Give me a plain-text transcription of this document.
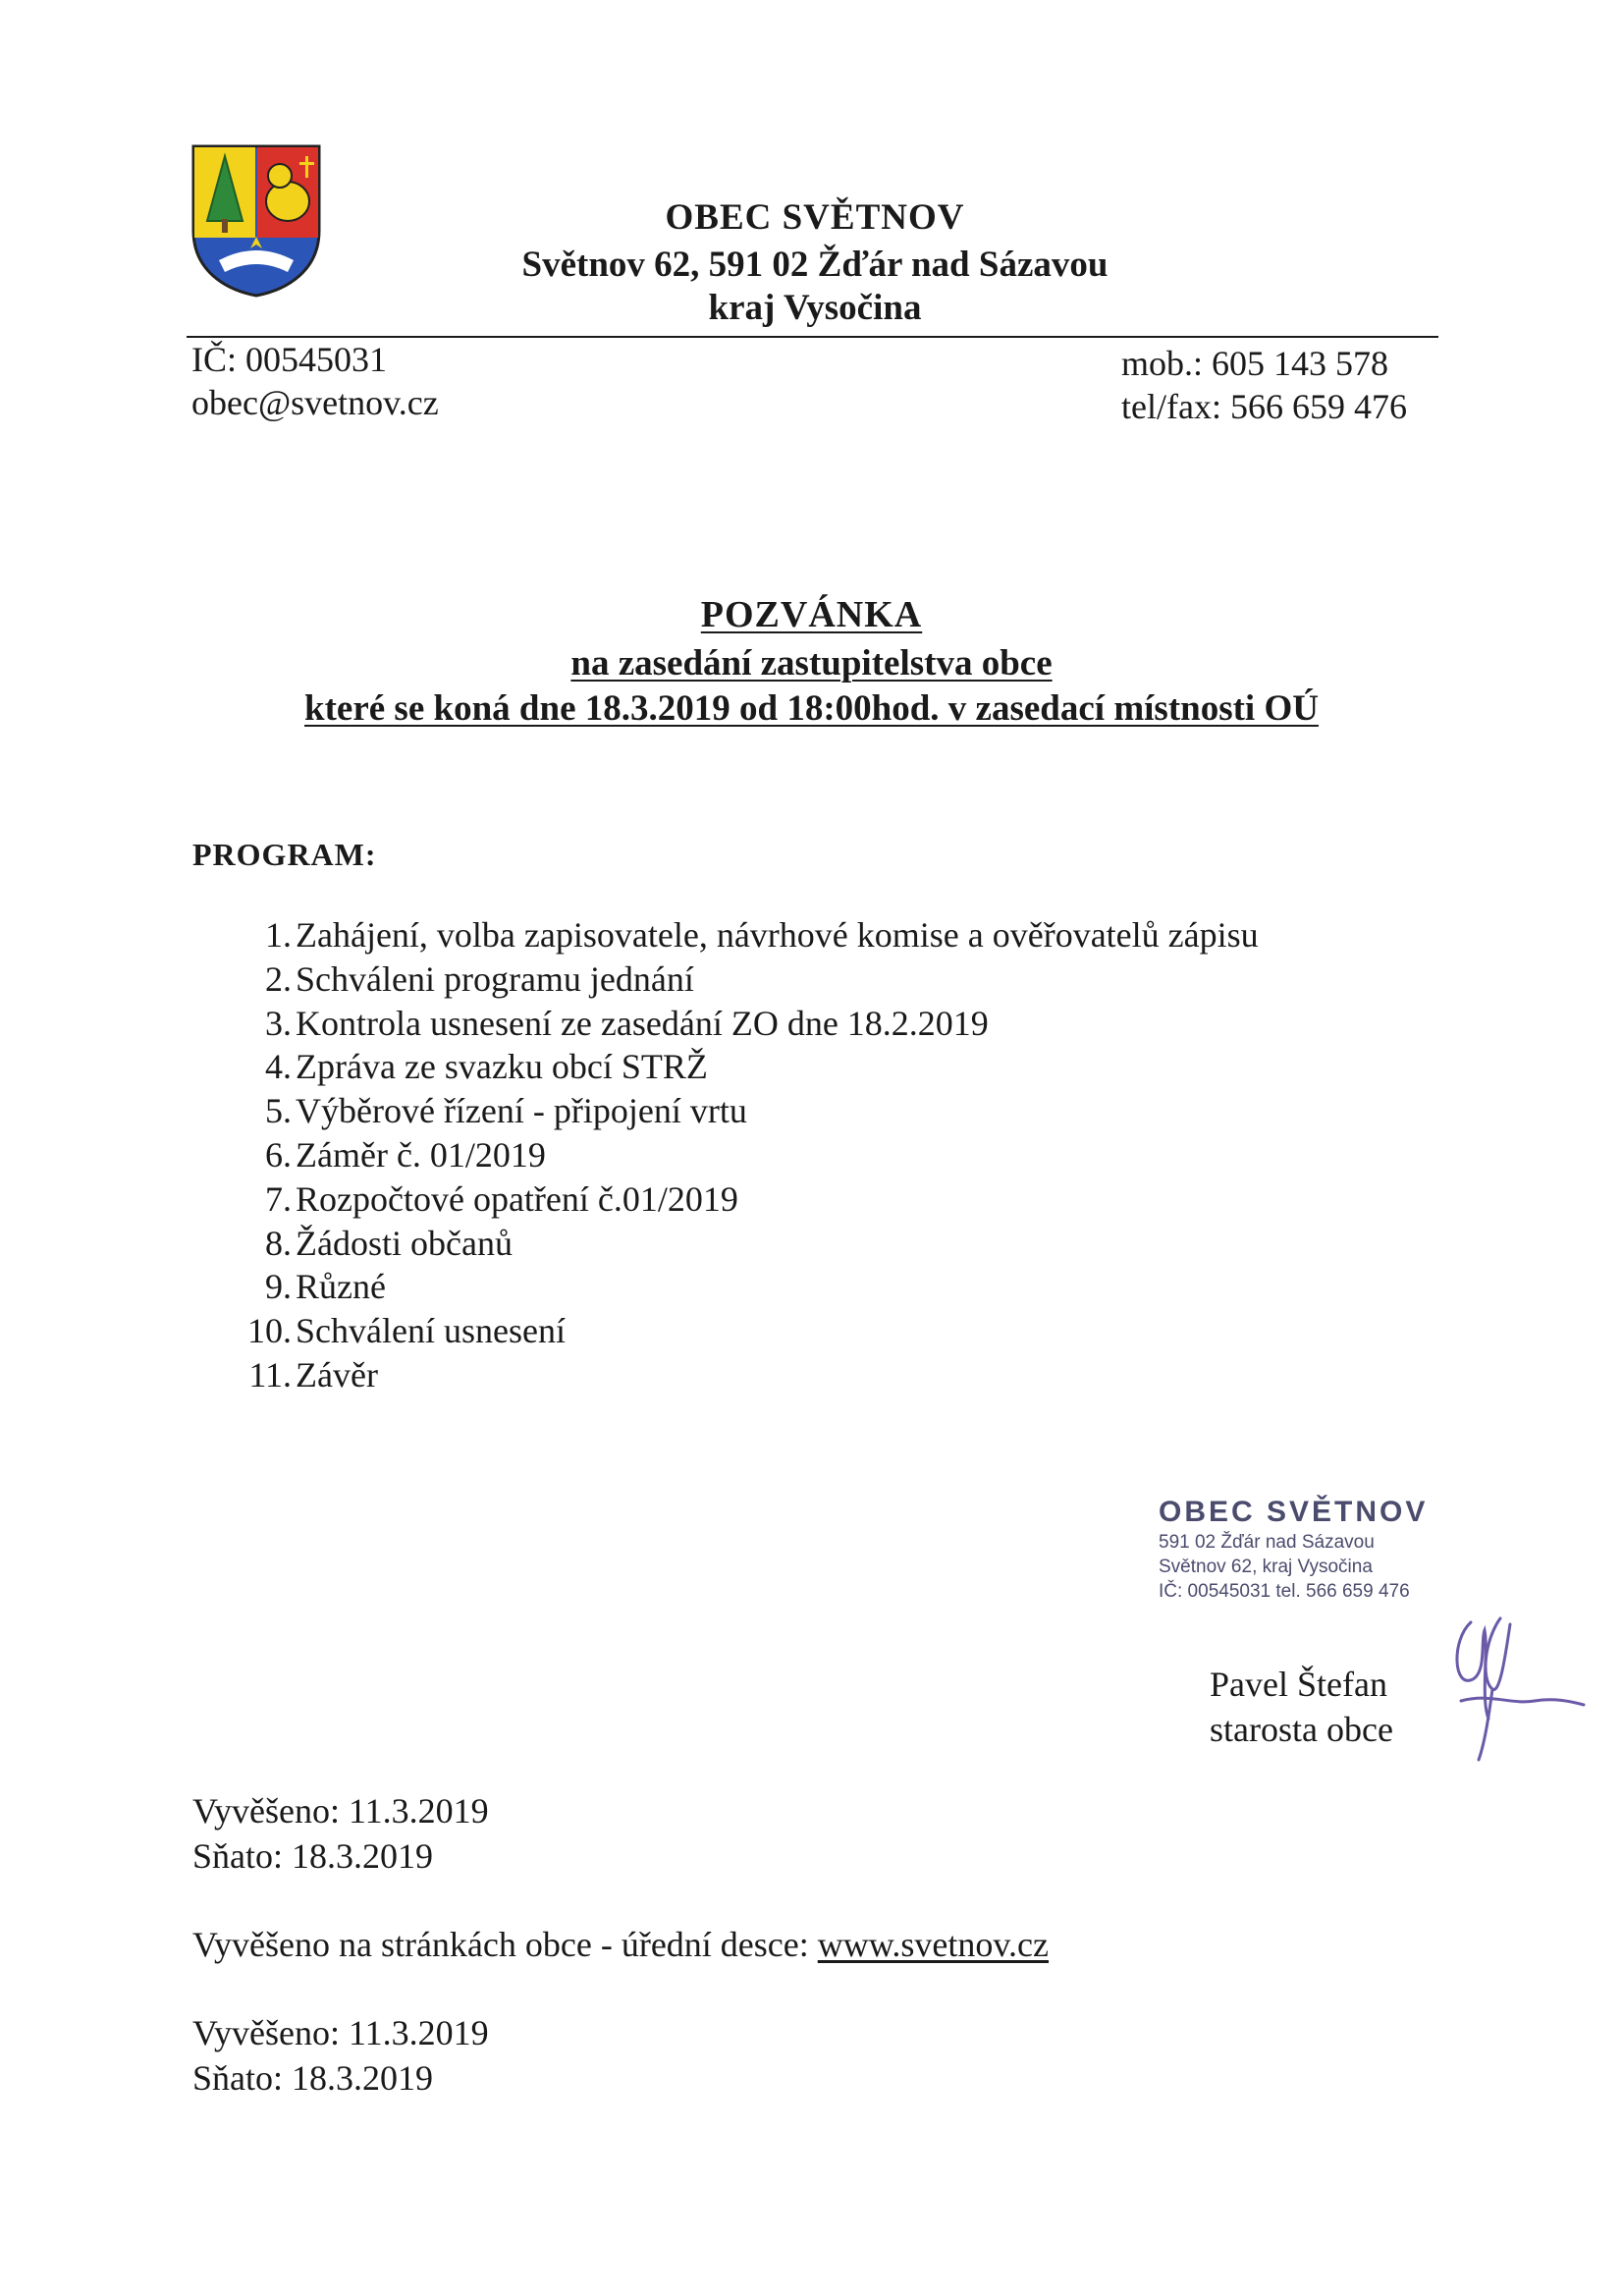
OBEC SVĚTNOV
Světnov 62, 591 02 Žďár nad Sázavou
kraj Vysočina
IČ: 00545031
obec@svetnov.cz
mob.: 605 143 578
tel/fax: 566 659 476
POZVÁNKA
na zasedání zastupitelstva obce
které se koná dne 18.3.2019 od 18:00hod. v zasedací místnosti OÚ
PROGRAM:
1. Zahájení, volba zapisovatele, návrhové komise a ověřovatelů zápisu
2. Schváleni programu jednání
3. Kontrola usnesení ze zasedání ZO dne 18.2.2019
4. Zpráva ze svazku obcí STRŽ
5. Výběrové řízení - připojení vrtu
6. Záměr č. 01/2019
7. Rozpočtové opatření č.01/2019
8. Žádosti občanů
9. Různé
10. Schválení usnesení
11. Závěr
OBEC SVĚTNOV
591 02 Žďár nad Sázavou
Světnov 62, kraj Vysočina
IČ: 00545031 tel. 566 659 476
Pavel Štefan
starosta obce
Vyvěšeno: 11.3.2019
Sňato: 18.3.2019
Vyvěšeno na stránkách obce - úřední desce: www.svetnov.cz
Vyvěšeno: 11.3.2019
Sňato: 18.3.2019
